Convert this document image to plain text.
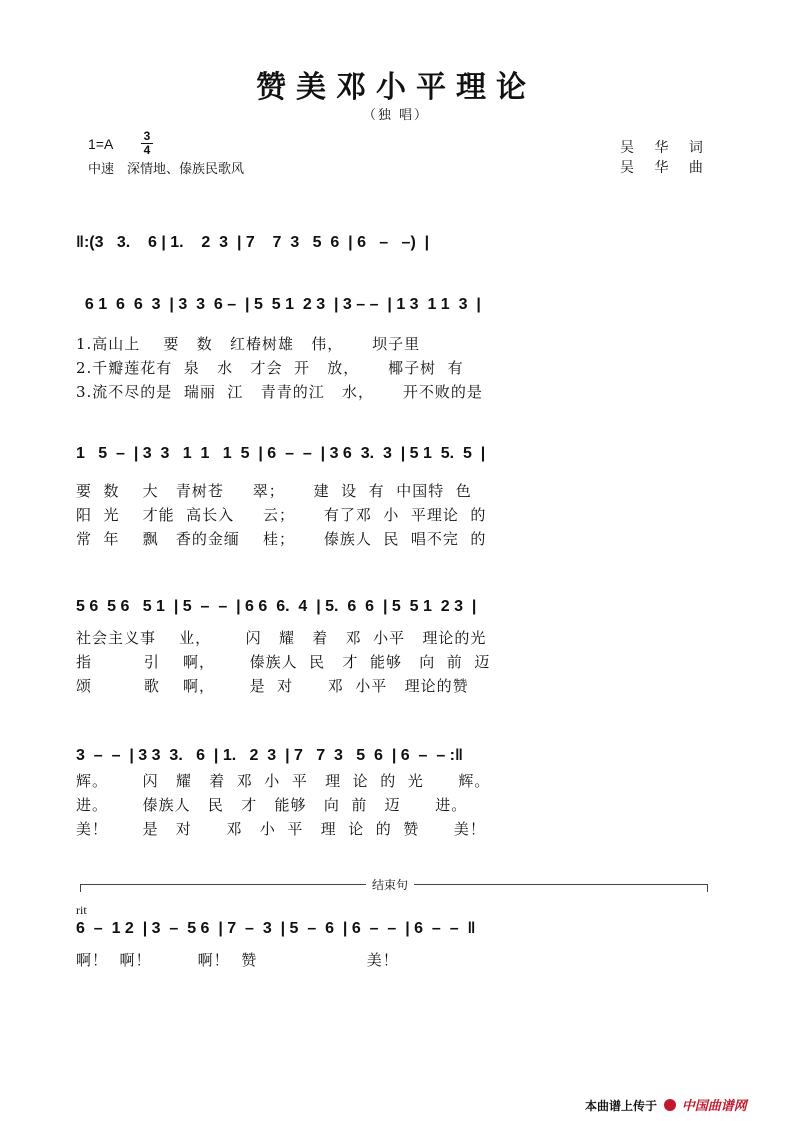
赞美邓小平理论
（独 唱）
1=A	3
4
中速　深情地、傣族民歌风
吴 华 词
吴 华 曲
‖:(3   3.    6 | 1.    2  3  | 7    7  3   5  6  | 6   –   –)  |
6 1  6  6  3  | 3  3  6 –  | 5  5 1  2 3  | 3 – –  | 1 3  1 1  3  |
1.高山上    要   数   红椿树雄   伟，     坝子里
2.千瓣莲花有  泉   水   才会  开   放，     椰子树  有
3.流不尽的是  瑞丽  江   青青的江   水，     开不败的是
1   5  –  | 3  3   1  1   1  5  | 6  –  –  | 3 6  3.  3  | 5 1  5.  5  |
要  数    大   青树苍     翠；     建  设  有  中国特  色
阳  光    才能  高长入     云；     有了邓  小  平理论  的
常  年    飘   香的金缅    桂；     傣族人  民  唱不完  的
5 6  5 6   5 1  | 5  –  –  | 6 6  6.  4  | 5.  6  6  | 5  5 1  2 3  |
社会主义事    业，      闪   耀   着   邓  小平   理论的光
指         引    啊，      傣族人  民   才  能够   向  前  迈
颂         歌    啊，      是  对      邓  小平   理论的赞
3  –  –  | 3 3  3.   6  | 1.   2  3  | 7   7  3   5  6  | 6  –  – :‖
辉。      闪   耀   着  邓  小  平   理  论  的  光      辉。
进。      傣族人   民   才   能够   向  前   迈      进。
美！      是   对      邓   小  平   理  论  的  赞      美！
结束句
rit
6  –  1 2  | 3  –  5 6  | 7  –  3  | 5  –  6  | 6  –  –  | 6  –  –  ‖
啊！  啊！        啊！  赞                   美！
本曲谱上传于 中国曲谱网
